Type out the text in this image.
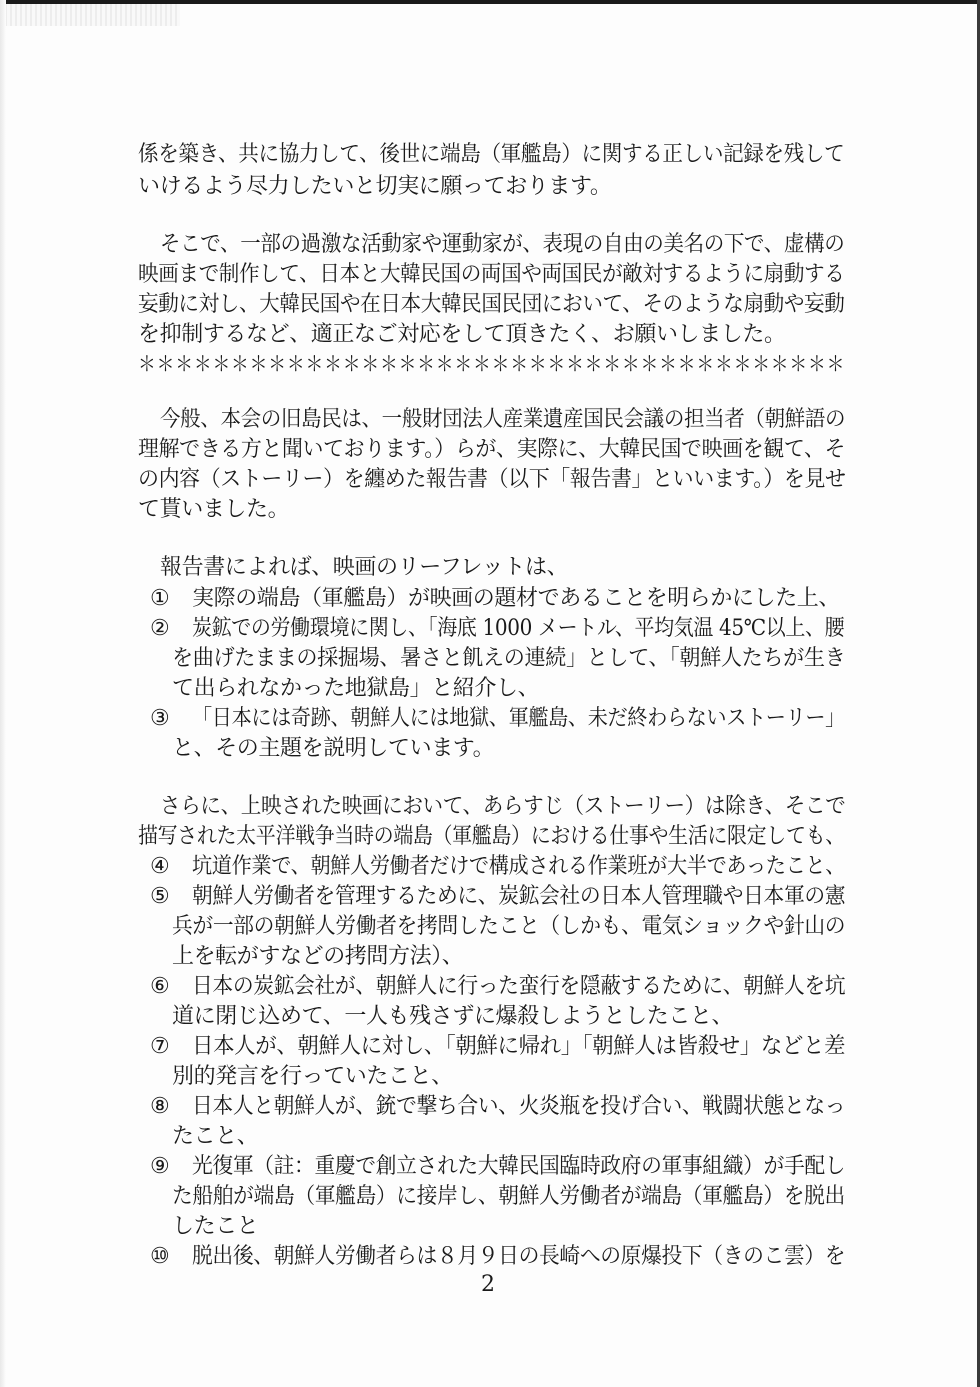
係を築き、共に協力して、後世に端島（軍艦島）に関する正しい記録を残して
いけるよう尽力したいと切実に願っております。
そこで、一部の過激な活動家や運動家が、表現の自由の美名の下で、虚構の
映画まで制作して、日本と大韓民国の両国や両国民が敵対するように扇動する
妄動に対し、大韓民国や在日本大韓民国民団において、そのような扇動や妄動
を抑制するなど、適正なご対応をして頂きたく、お願いしました。
＊＊＊＊＊＊＊＊＊＊＊＊＊＊＊＊＊＊＊＊＊＊＊＊＊＊＊＊＊＊＊＊＊＊＊＊＊＊
今般、本会の旧島民は、一般財団法人産業遺産国民会議の担当者（朝鮮語の
理解できる方と聞いております。）らが、実際に、大韓民国で映画を観て、そ
の内容（ストーリー）を纏めた報告書（以下「報告書」といいます。）を見せ
て貰いました。
報告書によれば、映画のリーフレットは、
① 実際の端島（軍艦島）が映画の題材であることを明らかにした上、
② 炭鉱での労働環境に関し、「海底 1000 メートル、平均気温 45℃以上、腰
を曲げたままの採掘場、暑さと飢えの連続」として、「朝鮮人たちが生き
て出られなかった地獄島」と紹介し、
③ 「日本には奇跡、朝鮮人には地獄、軍艦島、未だ終わらないストーリー」
と、その主題を説明しています。
さらに、上映された映画において、あらすじ（ストーリー）は除き、そこで
描写された太平洋戦争当時の端島（軍艦島）における仕事や生活に限定しても、
④ 坑道作業で、朝鮮人労働者だけで構成される作業班が大半であったこと、
⑤ 朝鮮人労働者を管理するために、炭鉱会社の日本人管理職や日本軍の憲
兵が一部の朝鮮人労働者を拷問したこと（しかも、電気ショックや針山の
上を転がすなどの拷問方法）、
⑥ 日本の炭鉱会社が、朝鮮人に行った蛮行を隠蔽するために、朝鮮人を坑
道に閉じ込めて、一人も残さずに爆殺しようとしたこと、
⑦ 日本人が、朝鮮人に対し、「朝鮮に帰れ」「朝鮮人は皆殺せ」などと差
別的発言を行っていたこと、
⑧ 日本人と朝鮮人が、銃で撃ち合い、火炎瓶を投げ合い、戦闘状態となっ
たこと、
⑨ 光復軍（註：重慶で創立された大韓民国臨時政府の軍事組織）が手配し
た船舶が端島（軍艦島）に接岸し、朝鮮人労働者が端島（軍艦島）を脱出
したこと
⑩ 脱出後、朝鮮人労働者らは８月９日の長崎への原爆投下（きのこ雲）を
2
